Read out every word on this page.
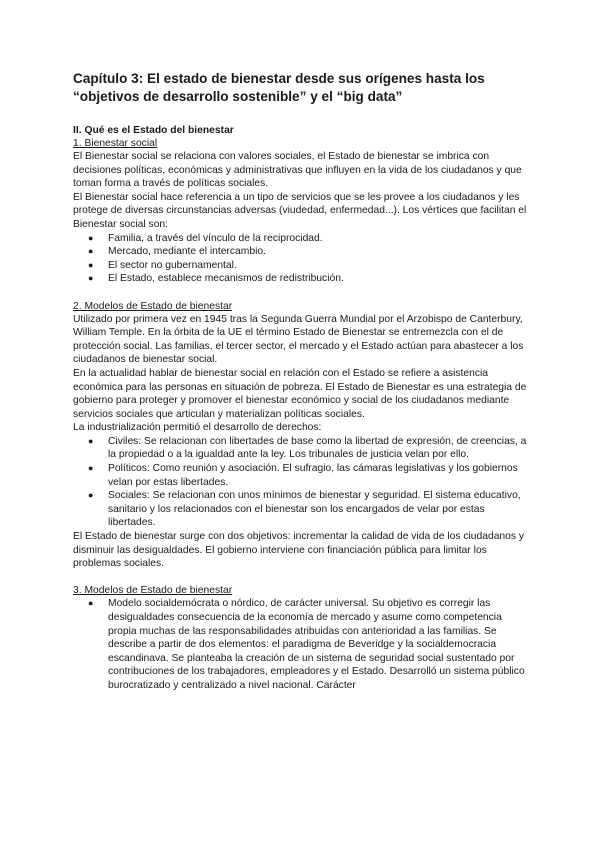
Capítulo 3: El estado de bienestar desde sus orígenes hasta los “objetivos de desarrollo sostenible” y el “big data”
II. Qué es el Estado del bienestar
1. Bienestar social

El Bienestar social se relaciona con valores sociales, el Estado de bienestar se imbrica con decisiones políticas, económicas y administrativas que influyen en la vida de los ciudadanos y que toman forma a través de políticas sociales.

El Bienestar social hace referencia a un tipo de servicios que se les provee a los ciudadanos y les protege de diversas circunstancias adversas (viudedad, enfermedad...). Los vértices que facilitan el Bienestar social son:

● Familia, a través del vínculo de la reciprocidad.
● Mercado, mediante el intercambio.
● El sector no gubernamental.
● El Estado, establece mecanismos de redistribución.
2. Modelos de Estado de bienestar

Utilizado por primera vez en 1945 tras la Segunda Guerra Mundial por el Arzobispo de Canterbury, William Temple. En la órbita de la UE el término Estado de Bienestar se entremezcla con el de protección social. Las familias, el tercer sector, el mercado y el Estado actúan para abastecer a los ciudadanos de bienestar social.

En la actualidad hablar de bienestar social en relación con el Estado se refiere a asistencia económica para las personas en situación de pobreza. El Estado de Bienestar es una estrategia de gobierno para proteger y promover el bienestar económico y social de los ciudadanos mediante servicios sociales que articulan y materializan políticas sociales.

La industrialización permitió el desarrollo de derechos:

● Civiles: Se relacionan con libertades de base como la libertad de expresión, de creencias, a la propiedad o a la igualdad ante la ley. Los tribunales de justicia velan por ello.
● Políticos: Como reunión y asociación. El sufragio, las cámaras legislativas y los gobiernos velan por estas libertades.
● Sociales: Se relacionan con unos mínimos de bienestar y seguridad. El sistema educativo, sanitario y los relacionados con el bienestar son los encargados de velar por estas libertades.

El Estado de bienestar surge con dos objetivos: incrementar la calidad de vida de los ciudadanos y disminuir las desigualdades. El gobierno interviene con financiación pública para limitar los problemas sociales.

3. Modelos de Estado de bienestar
● Modelo socialdemócrata o nórdico, de carácter universal. Su objetivo es corregir las desigualdades consecuencia de la economía de mercado y asume como competencia propia muchas de las responsabilidades atribuidas con anterioridad a las familias. Se describe a partir de dos elementos: el paradigma de Beveridge y la socialdemocracia escandinava. Se planteaba la creación de un sistema de seguridad social sustentado por contribuciones de los trabajadores, empleadores y el Estado. Desarrolló un sistema público burocratizado y centralizado a nivel nacional. Carácter
